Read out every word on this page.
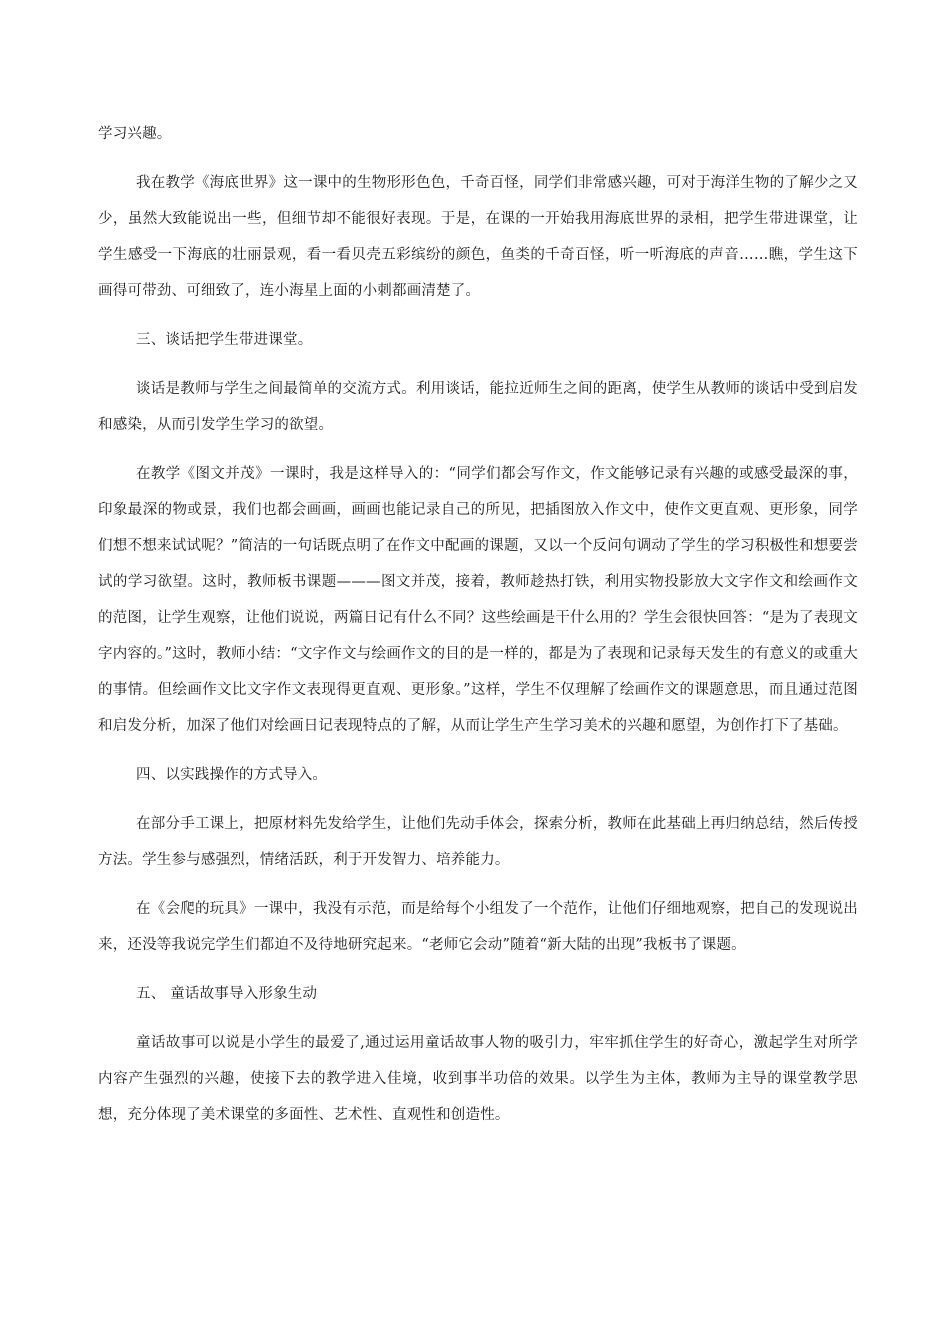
学习兴趣。

我在教学《海底世界》这一课中的生物形形色色，千奇百怪，同学们非常感兴趣，可对于海洋生物的了解少之又少，虽然大致能说出一些，但细节却不能很好表现。于是，在课的一开始我用海底世界的录相，把学生带进课堂，让学生感受一下海底的壮丽景观，看一看贝壳五彩缤纷的颜色，鱼类的千奇百怪，听一听海底的声音……瞧，学生这下画得可带劲、可细致了，连小海星上面的小刺都画清楚了。

三、谈话把学生带进课堂。

谈话是教师与学生之间最简单的交流方式。利用谈话，能拉近师生之间的距离，使学生从教师的谈话中受到启发和感染，从而引发学生学习的欲望。

在教学《图文并茂》一课时，我是这样导入的：“同学们都会写作文，作文能够记录有兴趣的或感受最深的事，印象最深的物或景，我们也都会画画，画画也能记录自己的所见，把插图放入作文中，使作文更直观、更形象，同学们想不想来试试呢？”简洁的一句话既点明了在作文中配画的课题，又以一个反问句调动了学生的学习积极性和想要尝试的学习欲望。这时，教师板书课题———图文并茂，接着，教师趁热打铁，利用实物投影放大文字作文和绘画作文的范图，让学生观察，让他们说说，两篇日记有什么不同？这些绘画是干什么用的？学生会很快回答：“是为了表现文字内容的。”这时，教师小结：“文字作文与绘画作文的目的是一样的，都是为了表现和记录每天发生的有意义的或重大的事情。但绘画作文比文字作文表现得更直观、更形象。”这样，学生不仅理解了绘画作文的课题意思，而且通过范图和启发分析，加深了他们对绘画日记表现特点的了解，从而让学生产生学习美术的兴趣和愿望，为创作打下了基础。

四、以实践操作的方式导入。

在部分手工课上，把原材料先发给学生，让他们先动手体会，探索分析，教师在此基础上再归纳总结，然后传授方法。学生参与感强烈，情绪活跃，利于开发智力、培养能力。

在《会爬的玩具》一课中，我没有示范，而是给每个小组发了一个范作，让他们仔细地观察，把自己的发现说出来，还没等我说完学生们都迫不及待地研究起来。“老师它会动”随着“新大陆的出现”我板书了课题。

五、 童话故事导入形象生动

童话故事可以说是小学生的最爱了,通过运用童话故事人物的吸引力，牢牢抓住学生的好奇心，激起学生对所学内容产生强烈的兴趣，使接下去的教学进入佳境，收到事半功倍的效果。以学生为主体，教师为主导的课堂教学思想，充分体现了美术课堂的多面性、艺术性、直观性和创造性。
